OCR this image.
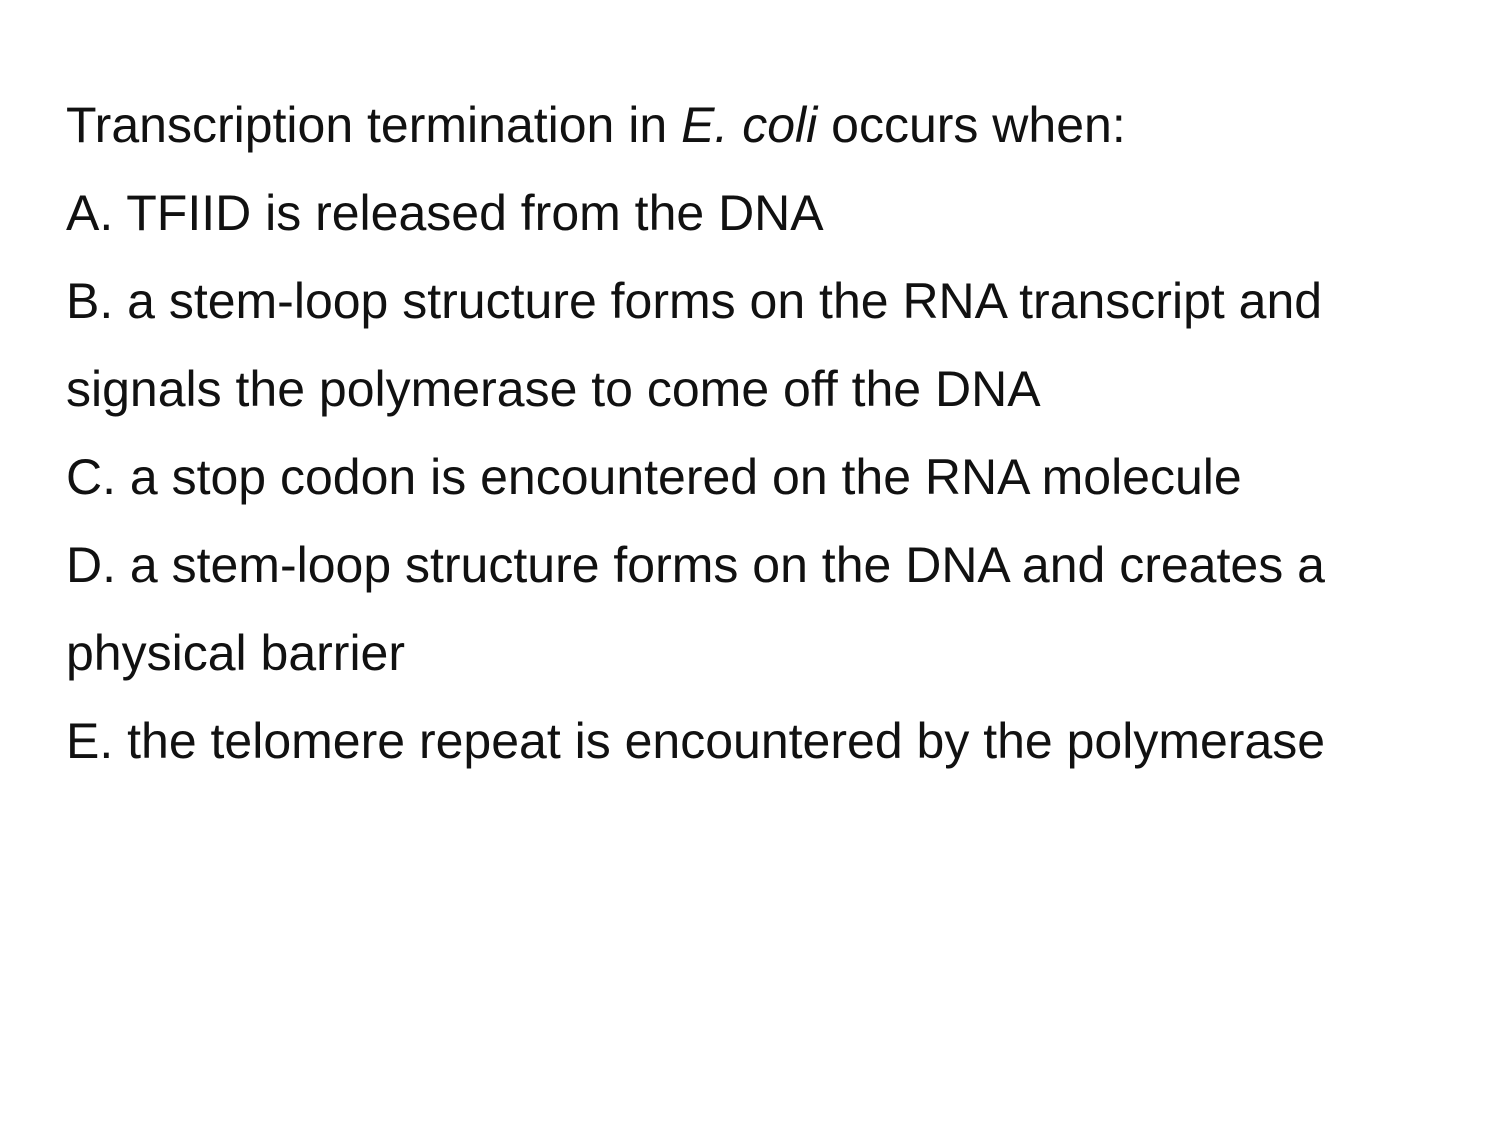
Transcription termination in E. coli occurs when:

A. TFIID is released from the DNA

B. a stem-loop structure forms on the RNA transcript and signals the polymerase to come off the DNA

C. a stop codon is encountered on the RNA molecule

D. a stem-loop structure forms on the DNA and creates a physical barrier

E. the telomere repeat is encountered by the polymerase
